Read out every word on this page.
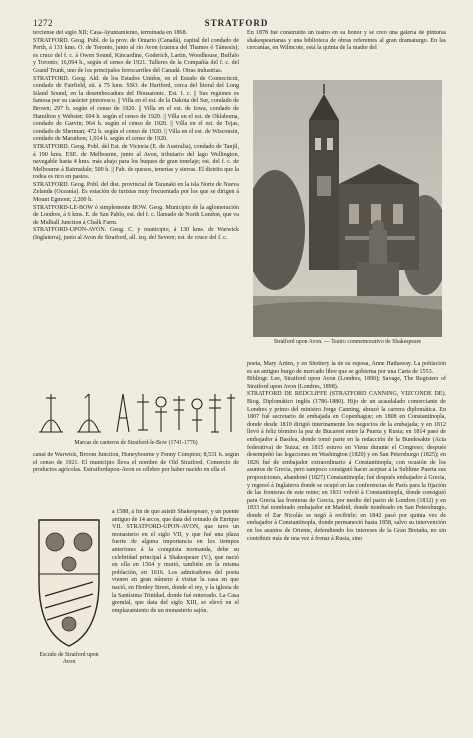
1272	STRATFORD

terciense del siglo XII; Casa-Ayuntamiento, terminada en 1868.

STRATFORD. Geog. Pobl. de la prov. de Ontario (Canadá), capital del condado de Perth, á 131 kms. O. de Toronto, junto al río Avon (cuenca del Thames ó Támesis); es cruce del f. c. á Owen Sound, Kincardine, Goderich, Lartin, Woodhouse, Buffalo y Toronto; 16,094 h., según el censo de 1921. Talleres de la Compañía del f. c. del Grand Trunk, uno de los principales ferrocarriles del Canadá. Otras industrias.

STRATFORD. Geog. Ald. de los Estados Unidos, en el Estado de Connecticut, condado de Fairfield, sit. á 75 kms. SSO. de Hartford, cerca del litoral del Long Island Sound, en la desembocadura del Housatonic. Est. f. c. || Sus regiones es famosa por su carácter pintoresco. || Villa en el est. de la Dakota del Sur, condado de Brown; 297 h. según el censo de 1920. || Villa en el est. de Iowa, condado de Hamilton y Webster; 694 h. según el censo de 1920. || Villa en el est. de Oklahoma, condado de Garvin; 964 h. según el censo de 1920. || Villa en el est. de Tejas, condado de Sherman; 472 h. según el censo de 1920. || Villa en el est. de Wisconsin, condado de Marathon; 1,014 h. según el censo de 1920.

STRATFORD. Geog. Pobl. del Est. de Victoria (E. de Australia), condado de Tanjil, á 190 kms. ESE. de Melbourne, junto al Avon, tributario del lago Wellington, navegable hasta 4 kms. más abajo para los buques de gran tonelaje; est. del f. c. de Melbourne á Bairnsdale; 500 h. || Fab. de quesos, tenerías y sierras. El distrito que la rodea es rico en pastos.

STRATFORD. Geog. Pobl. del dist. provincial de Taranaki en la isla Norte de Nueva Zelanda (Oceanía). Es estación de turistas muy frecuentada por los que se dirigen á Mount Egmont; 2,200 h.

STRATFORD-LE-BOW ó simplemente BOW. Geog. Municipio de la aglomeración de Londres, á 6 kms. E. de San Pablo, est. del f. c. llamado de North London, que va de Mulhall Junction á Chalk Farm.

STRATFORD-UPON-AVON. Geog. C. y municipio, á 130 kms. de Warwick (Inglaterra), junto al Avon de Stratford, all. izq. del Severn; est. de cruce del f. c.

Marcas de canteros de Stratford-le-Bow (1741-1776)

canal de Warwick, Broom Junction, Honeybourne y Fenny Compton; 8,531 h. según el censo de 1921. El municipio lleva el nombre de Old Stratford. Comercio de productos agrícolas. Estratfordupon-Avon es célebre por haber nacido en ella el

Escudo de Stratford upon Avon

á 1588, á fin de que asistir Shakespeare, y un puente antiguo de 14 arcos, que data del reinado de Enrique VII. STRATFORD-UPON-AVON, que tuvo un monasterio en el siglo VII, y que fué una plaza fuerte de alguna importancia en los tiempos anteriores á la conquista normanda, debe su celebridad principal á Shakespeare (V.), que nació en ella en 1564 y murió, también en la misma población, en 1616. Los admiradores del poeta vienen en gran número á visitar la casa en que nació, en Henley Street, donde el rey, y la iglesia de la Santísima Trinidad, donde fué enterrado. La Casa gremial, que data del siglo XIII, se elevó en el emplazamiento de un monasterio sajón.

En 1878 fué construido un teatro en su honor y se creó una galería de pinturas shakespearianas y una biblioteca de obras referentes al gran dramaturgo. En las cercanías, en Wilmcote, está la quinta de la madre del

Stratford upon Avon. — Teatro conmemorativo de Shakespeare

poeta, Mary Arden, y en Shottery la de su esposa, Anne Hathaway. La población es un antiguo burgo de mercado libre que se gobierna por una Carta de 1553.

Bibliogr. Lee, Stratford upon Avon (Londres, 1890); Savage, The Registers of Stratford upon Avon (Londres, 1898).

STRATFORD DE REDCLIFFE (STRATFORD CANNING, VIZCONDE DE). Biog. Diplomático inglés (1786-1880). Hijo de un acaudalado comerciante de Londres y primo del ministro Jorge Canning, abrazó la carrera diplomática. En 1807 fué secretario de embajada en Copenhague; en 1808 en Constantinopla, donde desde 1810 dirigió interinamente los negocios de la embajada; y en 1812 llevó á feliz término la paz de Bucarest entre la Puerta y Rusia; en 1814 pasó de embajador á Basilea, donde tomó parte en la redacción de la Bundesakte (Acta federativa) de Suiza; en 1815 estuvo en Viena durante el Congreso; después desempeñó las legaciones en Washington (1820) y en San Petersburgo (1825); en 1826 fué de embajador extraordinario á Constantinopla, con ocasión de los asuntos de Grecia, pero tampoco consiguió hacer aceptar á la Sublime Puerta sus proposiciones, abandonó (1827) Constantinopla; fué después embajador á Grecia, y regresó á Inglaterra donde se ocupó en las conferencias de París para la fijación de las fronteras de este reino; en 1831 volvió á Constantinopla, donde consiguió para Grecia las fronteras de Grecia, por medio del pacto de Londres (1832) y en 1833 fué nombrado embajador en Madrid, donde nombrado en San Petersburgo, donde el Zar Nicolás se negó á recibirle; en 1842 pasó por quinta vez de embajador á Constantinopla, donde permaneció hasta 1858, salvo su intervención en los asuntos de Oriente, defendiendo los intereses de la Gran Bretaña, no sin contribuir más de una vez á frenar á Rusia, sino
